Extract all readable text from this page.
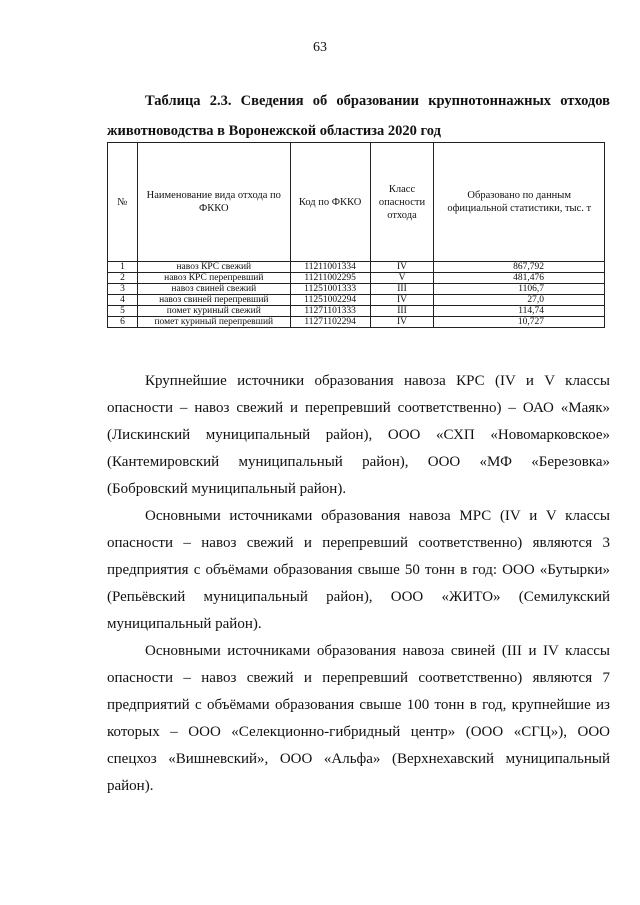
63
Таблица 2.3. Сведения об образовании крупнотоннажных отходов
животноводства в Воронежской областиза 2020 год
№	Наименование вида отхода по ФККО	Код по ФККО	Класс опасности отхода	Образовано по данным официальной статистики, тыс. т
1	навоз КРС свежий	11211001334	IV	867,792
2	навоз КРС перепревший	11211002295	V	481,476
3	навоз свиней свежий	11251001333	III	1106,7
4	навоз свиней перепревший	11251002294	IV	27,0
5	помет куриный свежий	11271101333	III	114,74
6	помет куриный перепревший	11271102294	IV	10,727

Крупнейшие источники образования навоза КРС (IV и V классы опасности – навоз свежий и перепревший соответственно) – ОАО «Маяк» (Лискинский муниципальный район), ООО «СХП «Новомарковское» (Кантемировский муниципальный район), ООО «МФ «Березовка» (Бобровский муниципальный район).

Основными источниками образования навоза МРС (IV и V классы опасности – навоз свежий и перепревший соответственно) являются 3 предприятия с объёмами образования свыше 50 тонн в год: ООО «Бутырки» (Репьёвский муниципальный район), ООО «ЖИТО» (Семилукский муниципальный район).

Основными источниками образования навоза свиней (III и IV классы опасности – навоз свежий и перепревший соответственно) являются 7 предприятий с объёмами образования свыше 100 тонн в год, крупнейшие из которых – ООО «Селекционно-гибридный центр» (ООО «СГЦ»), ООО спецхоз «Вишневский», ООО «Альфа» (Верхнехавский муниципальный район).
